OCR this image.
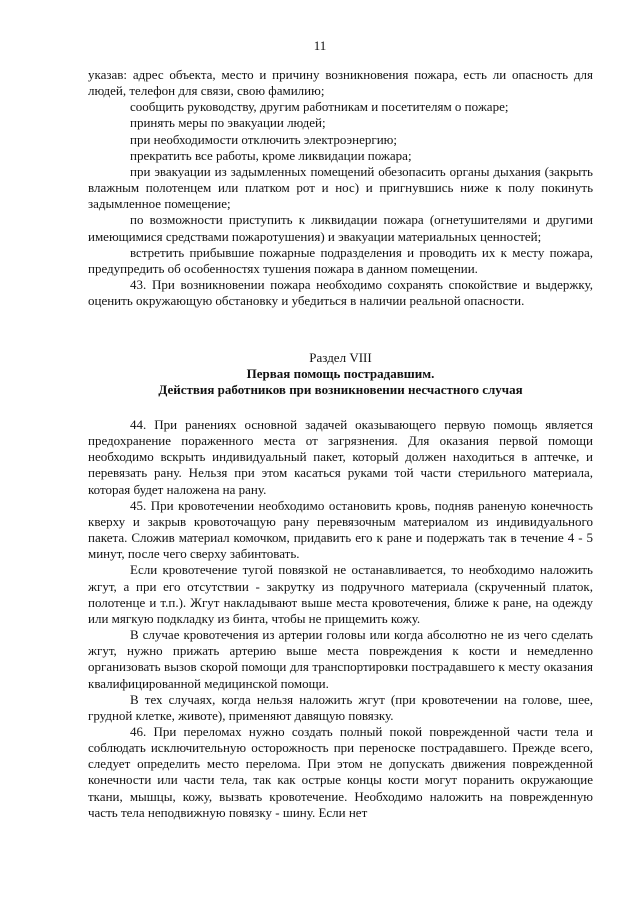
11

указав: адрес объекта, место и причину возникновения пожара, есть ли опасность для людей, телефон для связи, свою фамилию;

сообщить руководству, другим работникам и посетителям о пожаре;

принять меры по эвакуации людей;

при необходимости отключить электроэнергию;

прекратить все работы, кроме ликвидации пожара;

при эвакуации из задымленных помещений обезопасить органы дыхания (закрыть влажным полотенцем или платком рот и нос) и пригнувшись ниже к полу покинуть задымленное помещение;

по возможности приступить к ликвидации пожара (огнетушителями и другими имеющимися средствами пожаротушения) и эвакуации материальных ценностей;

встретить прибывшие пожарные подразделения и проводить их к месту пожара, предупредить об особенностях тушения пожара в данном помещении.

43. При возникновении пожара необходимо сохранять спокойствие и выдержку, оценить окружающую обстановку и убедиться в наличии реальной опасности.

Раздел VIII
Первая помощь пострадавшим.
Действия работников при возникновении несчастного случая

44. При ранениях основной задачей оказывающего первую помощь является предохранение пораженного места от загрязнения. Для оказания первой помощи необходимо вскрыть индивидуальный пакет, который должен находиться в аптечке, и перевязать рану. Нельзя при этом касаться руками той части стерильного материала, которая будет наложена на рану.

45. При кровотечении необходимо остановить кровь, подняв раненую конечность кверху и закрыв кровоточащую рану перевязочным материалом из индивидуального пакета. Сложив материал комочком, придавить его к ране и подержать так в течение 4 - 5 минут, после чего сверху забинтовать.

Если кровотечение тугой повязкой не останавливается, то необходимо наложить жгут, а при его отсутствии - закрутку из подручного материала (скрученный платок, полотенце и т.п.). Жгут накладывают выше места кровотечения, ближе к ране, на одежду или мягкую подкладку из бинта, чтобы не прищемить кожу.

В случае кровотечения из артерии головы или когда абсолютно не из чего сделать жгут, нужно прижать артерию выше места повреждения к кости и немедленно организовать вызов скорой помощи для транспортировки пострадавшего к месту оказания квалифицированной медицинской помощи.

В тех случаях, когда нельзя наложить жгут (при кровотечении на голове, шее, грудной клетке, животе), применяют давящую повязку.

46. При переломах нужно создать полный покой поврежденной части тела и соблюдать исключительную осторожность при переноске пострадавшего. Прежде всего, следует определить место перелома. При этом не допускать движения поврежденной конечности или части тела, так как острые концы кости могут поранить окружающие ткани, мышцы, кожу, вызвать кровотечение. Необходимо наложить на поврежденную часть тела неподвижную повязку - шину. Если нет
